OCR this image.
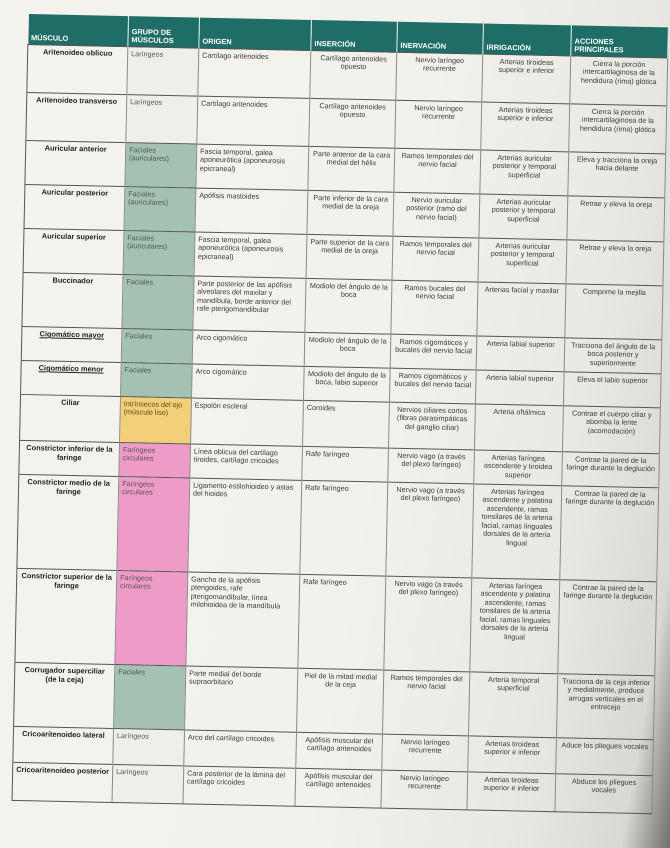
MÚSCULO	GRUPO DE MÚSCULOS	ORIGEN	INSERCIÓN	INERVACIÓN	IRRIGACIÓN	ACCIONES PRINCIPALES
Aritenoideo oblicuo	Laríngeos	Cartílago aritenoides	Cartílago aritenoides opuesto	Nervio laríngeo recurrente	Arterias tiroideas superior e inferior	Cierra la porción intercartilaginosa de la hendidura (rima) glótica
Aritenoideo transverso	Laríngeos	Cartílago aritenoides	Cartílago aritenoides opuesto	Nervio laríngeo recurrente	Arterias tiroideas superior e inferior	Cierra la porción intercartilaginosa de la hendidura (rima) glótica
Auricular anterior	Faciales (auriculares)	Fascia temporal, galea aponeurótica (aponeurosis epicraneal)	Parte anterior de la cara medial del hélix	Ramos temporales del nervio facial	Arterias auricular posterior y temporal superficial	Eleva y tracciona la oreja hacia delante
Auricular posterior	Faciales (auriculares)	Apófisis mastoides	Parte inferior de la cara medial de la oreja	Nervio auricular posterior (ramo del nervio facial)	Arterias auricular posterior y temporal superficial	Retrae y eleva la oreja
Auricular superior	Faciales (auriculares)	Fascia temporal, galea aponeurótica (aponeurosis epicraneal)	Parte superior de la cara medial de la oreja	Ramos temporales del nervio facial	Arterias auricular posterior y temporal superficial	Retrae y eleva la oreja
Buccinador	Faciales	Parte posterior de las apófisis alveolares del maxilar y mandíbula, borde anterior del rafe pterigomandibular	Modiolo del ángulo de la boca	Ramos bucales del nervio facial	Arterias facial y maxilar	Comprime la mejilla
Cigomático mayor	Faciales	Arco cigomático	Modiolo del ángulo de la boca	Ramos cigomáticos y bucales del nervio facial	Arteria labial superior	Tracciona del ángulo de la boca posterior y superiormente
Cigomático menor	Faciales	Arco cigomático	Modiolo del ángulo de la boca, labio superior	Ramos cigomáticos y bucales del nervio facial	Arteria labial superior	Eleva el labio superior
Ciliar	Intrínsecos del ojo (músculo liso)	Espolón escleral	Coroides	Nervios ciliares cortos (fibras parasimpáticas del ganglio ciliar)	Arteria oftálmica	Contrae el cuerpo ciliar y abomba la lente (acomodación)
Constrictor inferior de la faringe	Faríngeos circulares	Línea oblicua del cartílago tiroides, cartílago cricoides	Rafe faríngeo	Nervio vago (a través del plexo faríngeo)	Arterias faríngea ascendente y tiroidea superior	Contrae la pared de la faringe durante la deglución
Constrictor medio de la faringe	Faríngeos circulares	Ligamento estilohioideo y astas del hioides	Rafe faríngeo	Nervio vago (a través del plexo faríngeo)	Arterias faríngea ascendente y palatina ascendente, ramas tonsilares de la arteria facial, ramas linguales dorsales de la arteria lingual	Contrae la pared de la faringe durante la deglución
Constrictor superior de la faringe	Faríngeos circulares	Gancho de la apófisis pterigoides, rafe pterigomandibular, línea milohioidea de la mandíbula	Rafe faríngeo	Nervio vago (a través del plexo faríngeo)	Arterias faríngea ascendente y palatina ascendente, ramas tonsilares de la arteria facial, ramas linguales dorsales de la arteria lingual	Contrae la pared de la faringe durante la deglución
Corrugador superciliar (de la ceja)	Faciales	Parte medial del borde supraorbitario	Piel de la mitad medial de la ceja	Ramos temporales del nervio facial	Arteria temporal superficial	Tracciona de la ceja inferior y medialmente, produce arrugas verticales en el entrecejo
Cricoaritenoideo lateral	Laríngeos	Arco del cartílago cricoides	Apófisis muscular del cartílago aritenoides	Nervio laríngeo recurrente	Arterias tiroideas superior e inferior	Aduce los pliegues vocales
Cricoaritenoideo posterior	Laríngeos	Cara posterior de la lámina del cartílago cricoides	Apófisis muscular del cartílago aritenoides	Nervio laríngeo recurrente	Arterias tiroideas superior e inferior	Abduce los pliegues vocales
